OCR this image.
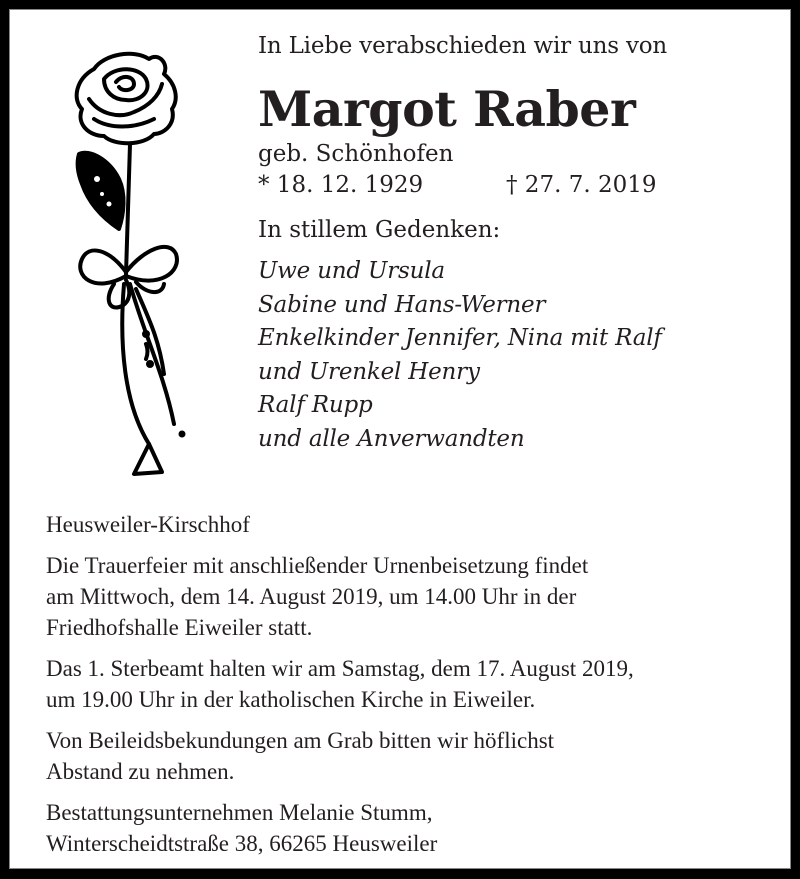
In Liebe verabschieden wir uns von

Margot Raber

geb. Schönhofen

* 18. 12. 1929	† 27. 7. 2019

In stillem Gedenken:

Uwe und Ursula
Sabine und Hans-Werner
Enkelkinder Jennifer, Nina mit Ralf
und Urenkel Henry
Ralf Rupp
und alle Anverwandten

Heusweiler-Kirschhof

Die Trauerfeier mit anschließender Urnenbeisetzung findet

am Mittwoch, dem 14. August 2019, um 14.00 Uhr in der

Friedhofshalle Eiweiler statt.

Das 1. Sterbeamt halten wir am Samstag, dem 17. August 2019,

um 19.00 Uhr in der katholischen Kirche in Eiweiler.

Von Beileidsbekundungen am Grab bitten wir höflichst

Abstand zu nehmen.

Bestattungsunternehmen Melanie Stumm,

Winterscheidtstraße 38, 66265 Heusweiler
